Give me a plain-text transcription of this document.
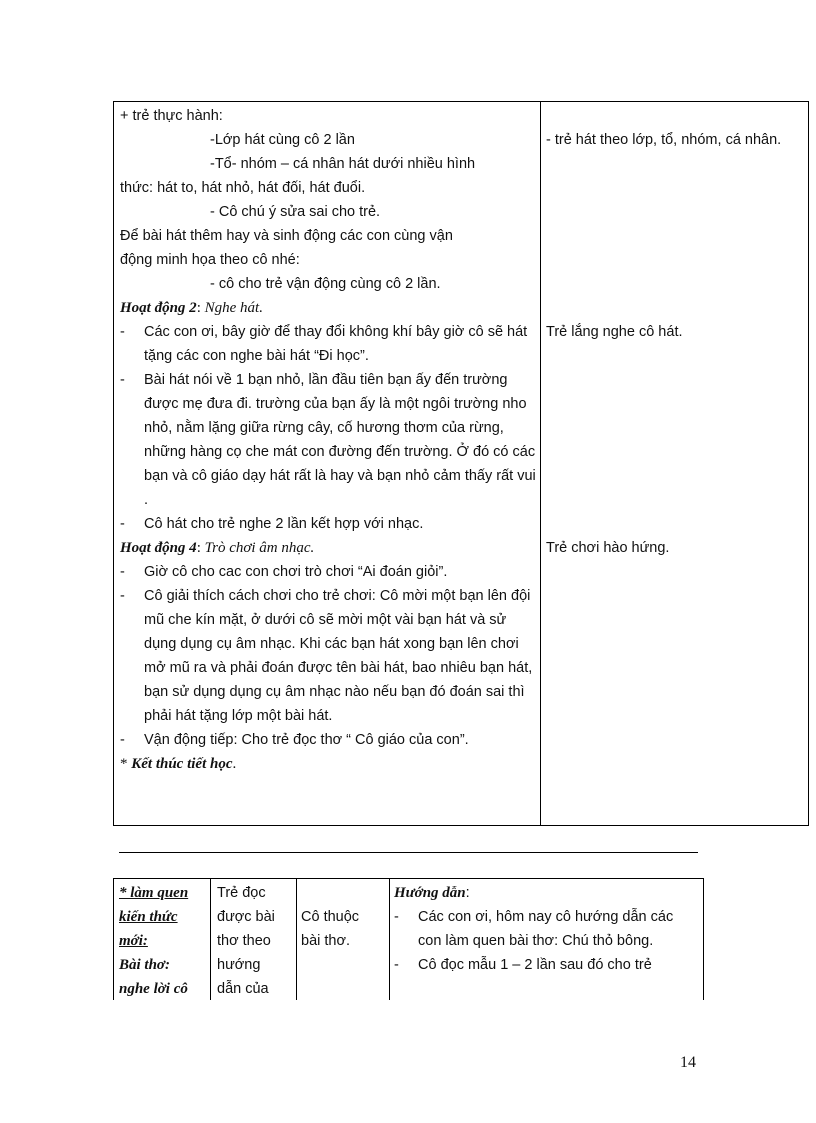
+ trẻ thực hành:
-Lớp hát cùng cô 2 lần
-Tổ- nhóm – cá nhân hát dưới nhiều hình
thức: hát to, hát nhỏ, hát đối, hát đuổi.
- Cô chú ý sửa sai cho trẻ.
Để bài hát thêm hay và sinh động các con cùng vận
động minh họa theo cô nhé:
- cô cho trẻ vận động cùng cô 2 lần.
Hoạt động 2: Nghe hát.
- Các con ơi, bây giờ để thay đổi không khí bây giờ cô sẽ hát tặng các con nghe bài hát “Đi học”.
- Bài hát nói về 1 bạn nhỏ, lần đầu tiên bạn ấy đến trường được mẹ đưa đi. trường của bạn ấy là một ngôi trường nho nhỏ, nằm lặng giữa rừng cây, cố hương thơm của rừng, những hàng cọ che mát con đường đến trường. Ở đó có các bạn và cô giáo dạy hát rất là hay và bạn nhỏ cảm thấy rất vui .
- Cô hát cho trẻ nghe 2 lần kết hợp với nhạc.
Hoạt động 4: Trò chơi âm nhạc.
- Giờ cô cho cac con chơi trò chơi “Ai đoán giỏi”.
- Cô giải thích cách chơi cho trẻ chơi: Cô mời một bạn lên đội mũ che kín mặt, ở dưới cô sẽ mời một vài bạn hát và sử dụng dụng cụ âm nhạc. Khi các bạn hát xong bạn lên chơi mở mũ ra và phải đoán được tên bài hát, bao nhiêu bạn hát, bạn sử dụng dụng cụ âm nhạc nào nếu bạn đó đoán sai thì phải hát tặng lớp một bài hát.
- Vận động tiếp: Cho trẻ đọc thơ “ Cô giáo của con”.
* Kết thúc tiết học.
- trẻ hát theo lớp, tổ, nhóm, cá nhân.
Trẻ lắng nghe cô hát.
Trẻ chơi hào hứng.
* làm quen
kiến thức
mới:
Bài thơ:
nghe lời cô
Trẻ đọc
được bài
thơ theo
hướng
dẫn của
Cô thuộc
bài thơ.
Hướng dẫn:
- Các con ơi, hôm nay cô hướng dẫn các con làm quen bài thơ: Chú thỏ bông.
- Cô đọc mẫu 1 – 2 lần sau đó cho trẻ
14
